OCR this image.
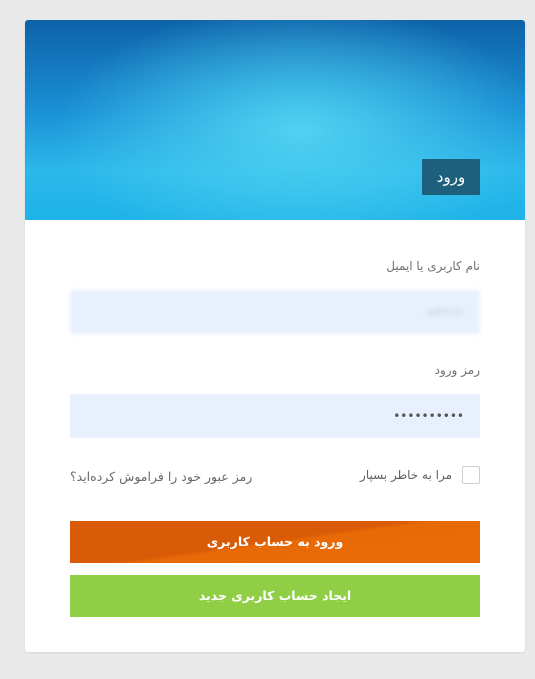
ورود
نام کاربری یا ایمیل
admin
رمز ورود
••••••••••
مرا به خاطر بسپار
رمز عبور خود را فراموش کرده‌اید؟
ورود به حساب کاربری
ایجاد حساب کاربری جدید
